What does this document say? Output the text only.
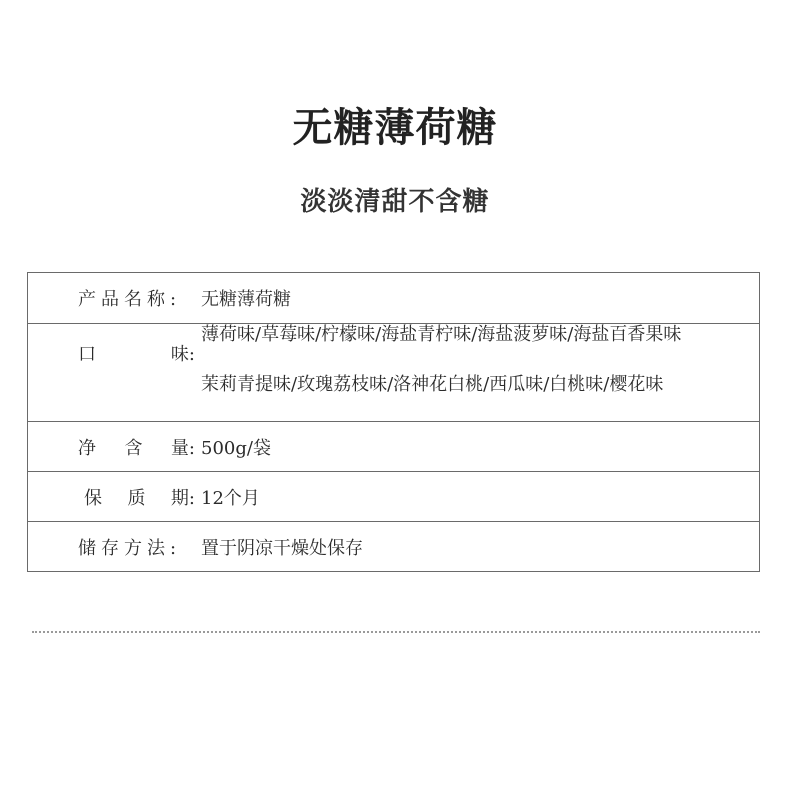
无糖薄荷糖
淡淡清甜不含糖
产品名称:	无糖薄荷糖
口	味:
薄荷味/草莓味/柠檬味/海盐青柠味/海盐菠萝味/海盐百香果味
茉莉青提味/玫瑰荔枝味/洛神花白桃/西瓜味/白桃味/樱花味
净 含 量: 500g/袋
保 质 期: 12个月
储存方法:	置于阴凉干燥处保存
